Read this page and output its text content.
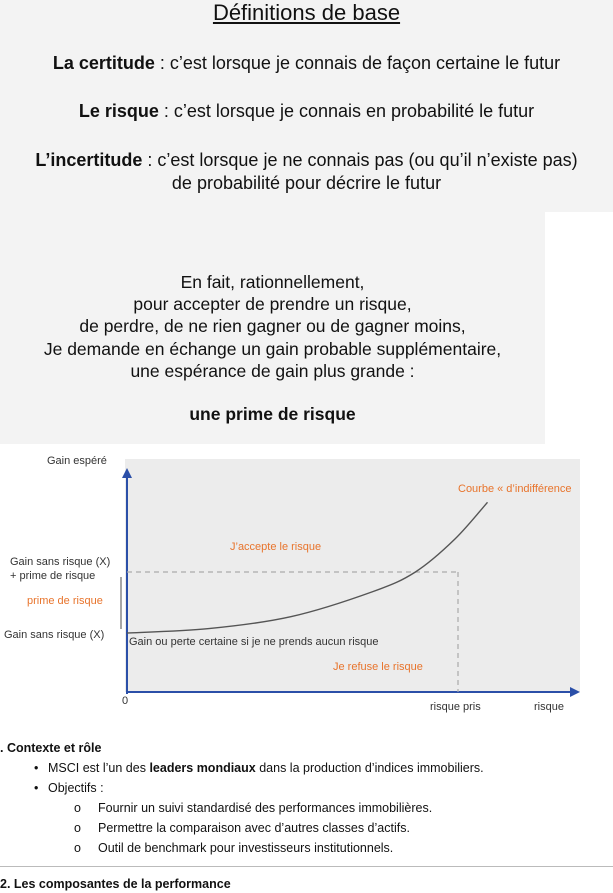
Définitions de base
La certitude : c’est lorsque je connais de façon certaine le futur
Le risque : c’est lorsque je connais en probabilité le futur
L’incertitude : c’est lorsque je ne connais pas (ou qu’il n’existe pas)
de probabilité pour décrire le futur
En fait, rationnellement,
pour accepter de prendre un risque,
de perdre, de ne rien gagner ou de gagner moins,
Je demande en échange un gain probable supplémentaire,
une espérance de gain plus grande :
une prime de risque
Gain espéré
Gain sans risque (X)
+ prime de risque
prime de risque
Gain sans risque (X)
Gain ou perte certaine si je ne prends aucun risque
J’accepte le risque
Je refuse le risque
Courbe « d’indifférence
0	risque pris	risque
. Contexte et rôle
• MSCI est l’un des leaders mondiaux dans la production d’indices immobiliers.
• Objectifs :
o Fournir un suivi standardisé des performances immobilières.
o Permettre la comparaison avec d’autres classes d’actifs.
o Outil de benchmark pour investisseurs institutionnels.
2. Les composantes de la performance
